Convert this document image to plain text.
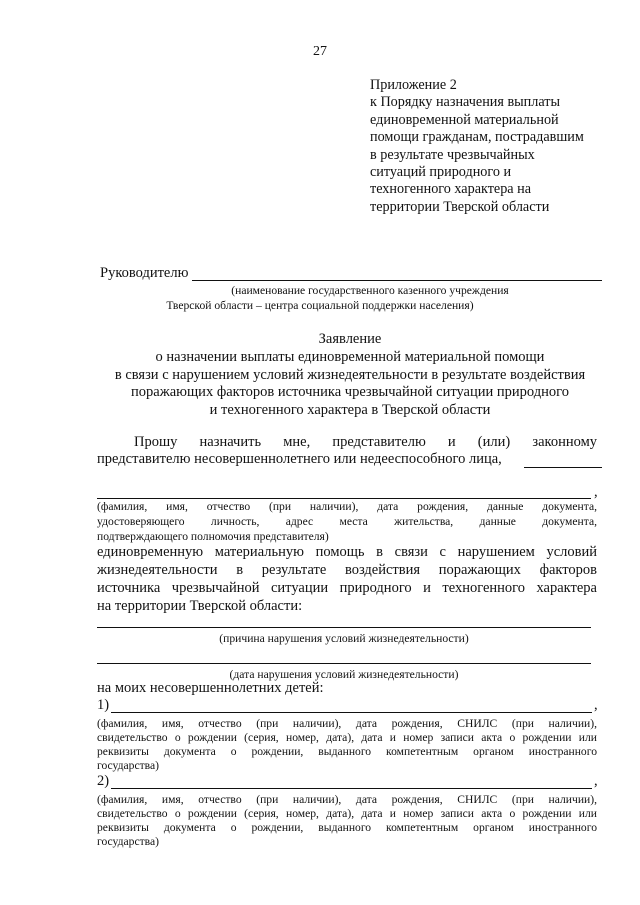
27
Приложение 2
к Порядку назначения выплаты
единовременной материальной
помощи гражданам, пострадавшим
в результате чрезвычайных
ситуаций природного и
техногенного характера на
территории Тверской области
Руководителю
(наименование государственного казенного учреждения
Тверской области – центра социальной поддержки населения)
Заявление
о назначении выплаты единовременной материальной помощи
в связи с нарушением условий жизнедеятельности в результате воздействия
поражающих факторов источника чрезвычайной ситуации природного
и техногенного характера в Тверской области
Прошу назначить мне, представителю и (или) законному
представителю несовершеннолетнего или недееспособного лица,
,
(фамилия, имя, отчество (при наличии), дата рождения, данные документа,
удостоверяющего личность, адрес места жительства, данные документа,
подтверждающего полномочия представителя)
единовременную материальную помощь в связи с нарушением условий
жизнедеятельности в результате воздействия поражающих факторов
источника чрезвычайной ситуации природного и техногенного характера
на территории Тверской области:
(причина нарушения условий жизнедеятельности)
(дата нарушения условий жизнедеятельности)
на моих несовершеннолетних детей:
1)	,
(фамилия, имя, отчество (при наличии), дата рождения, СНИЛС (при наличии),
свидетельство о рождении (серия, номер, дата), дата и номер записи акта о рождении или
реквизиты документа о рождении, выданного компетентным органом иностранного
государства)
2)	,
(фамилия, имя, отчество (при наличии), дата рождения, СНИЛС (при наличии),
свидетельство о рождении (серия, номер, дата), дата и номер записи акта о рождении или
реквизиты документа о рождении, выданного компетентным органом иностранного
государства)
